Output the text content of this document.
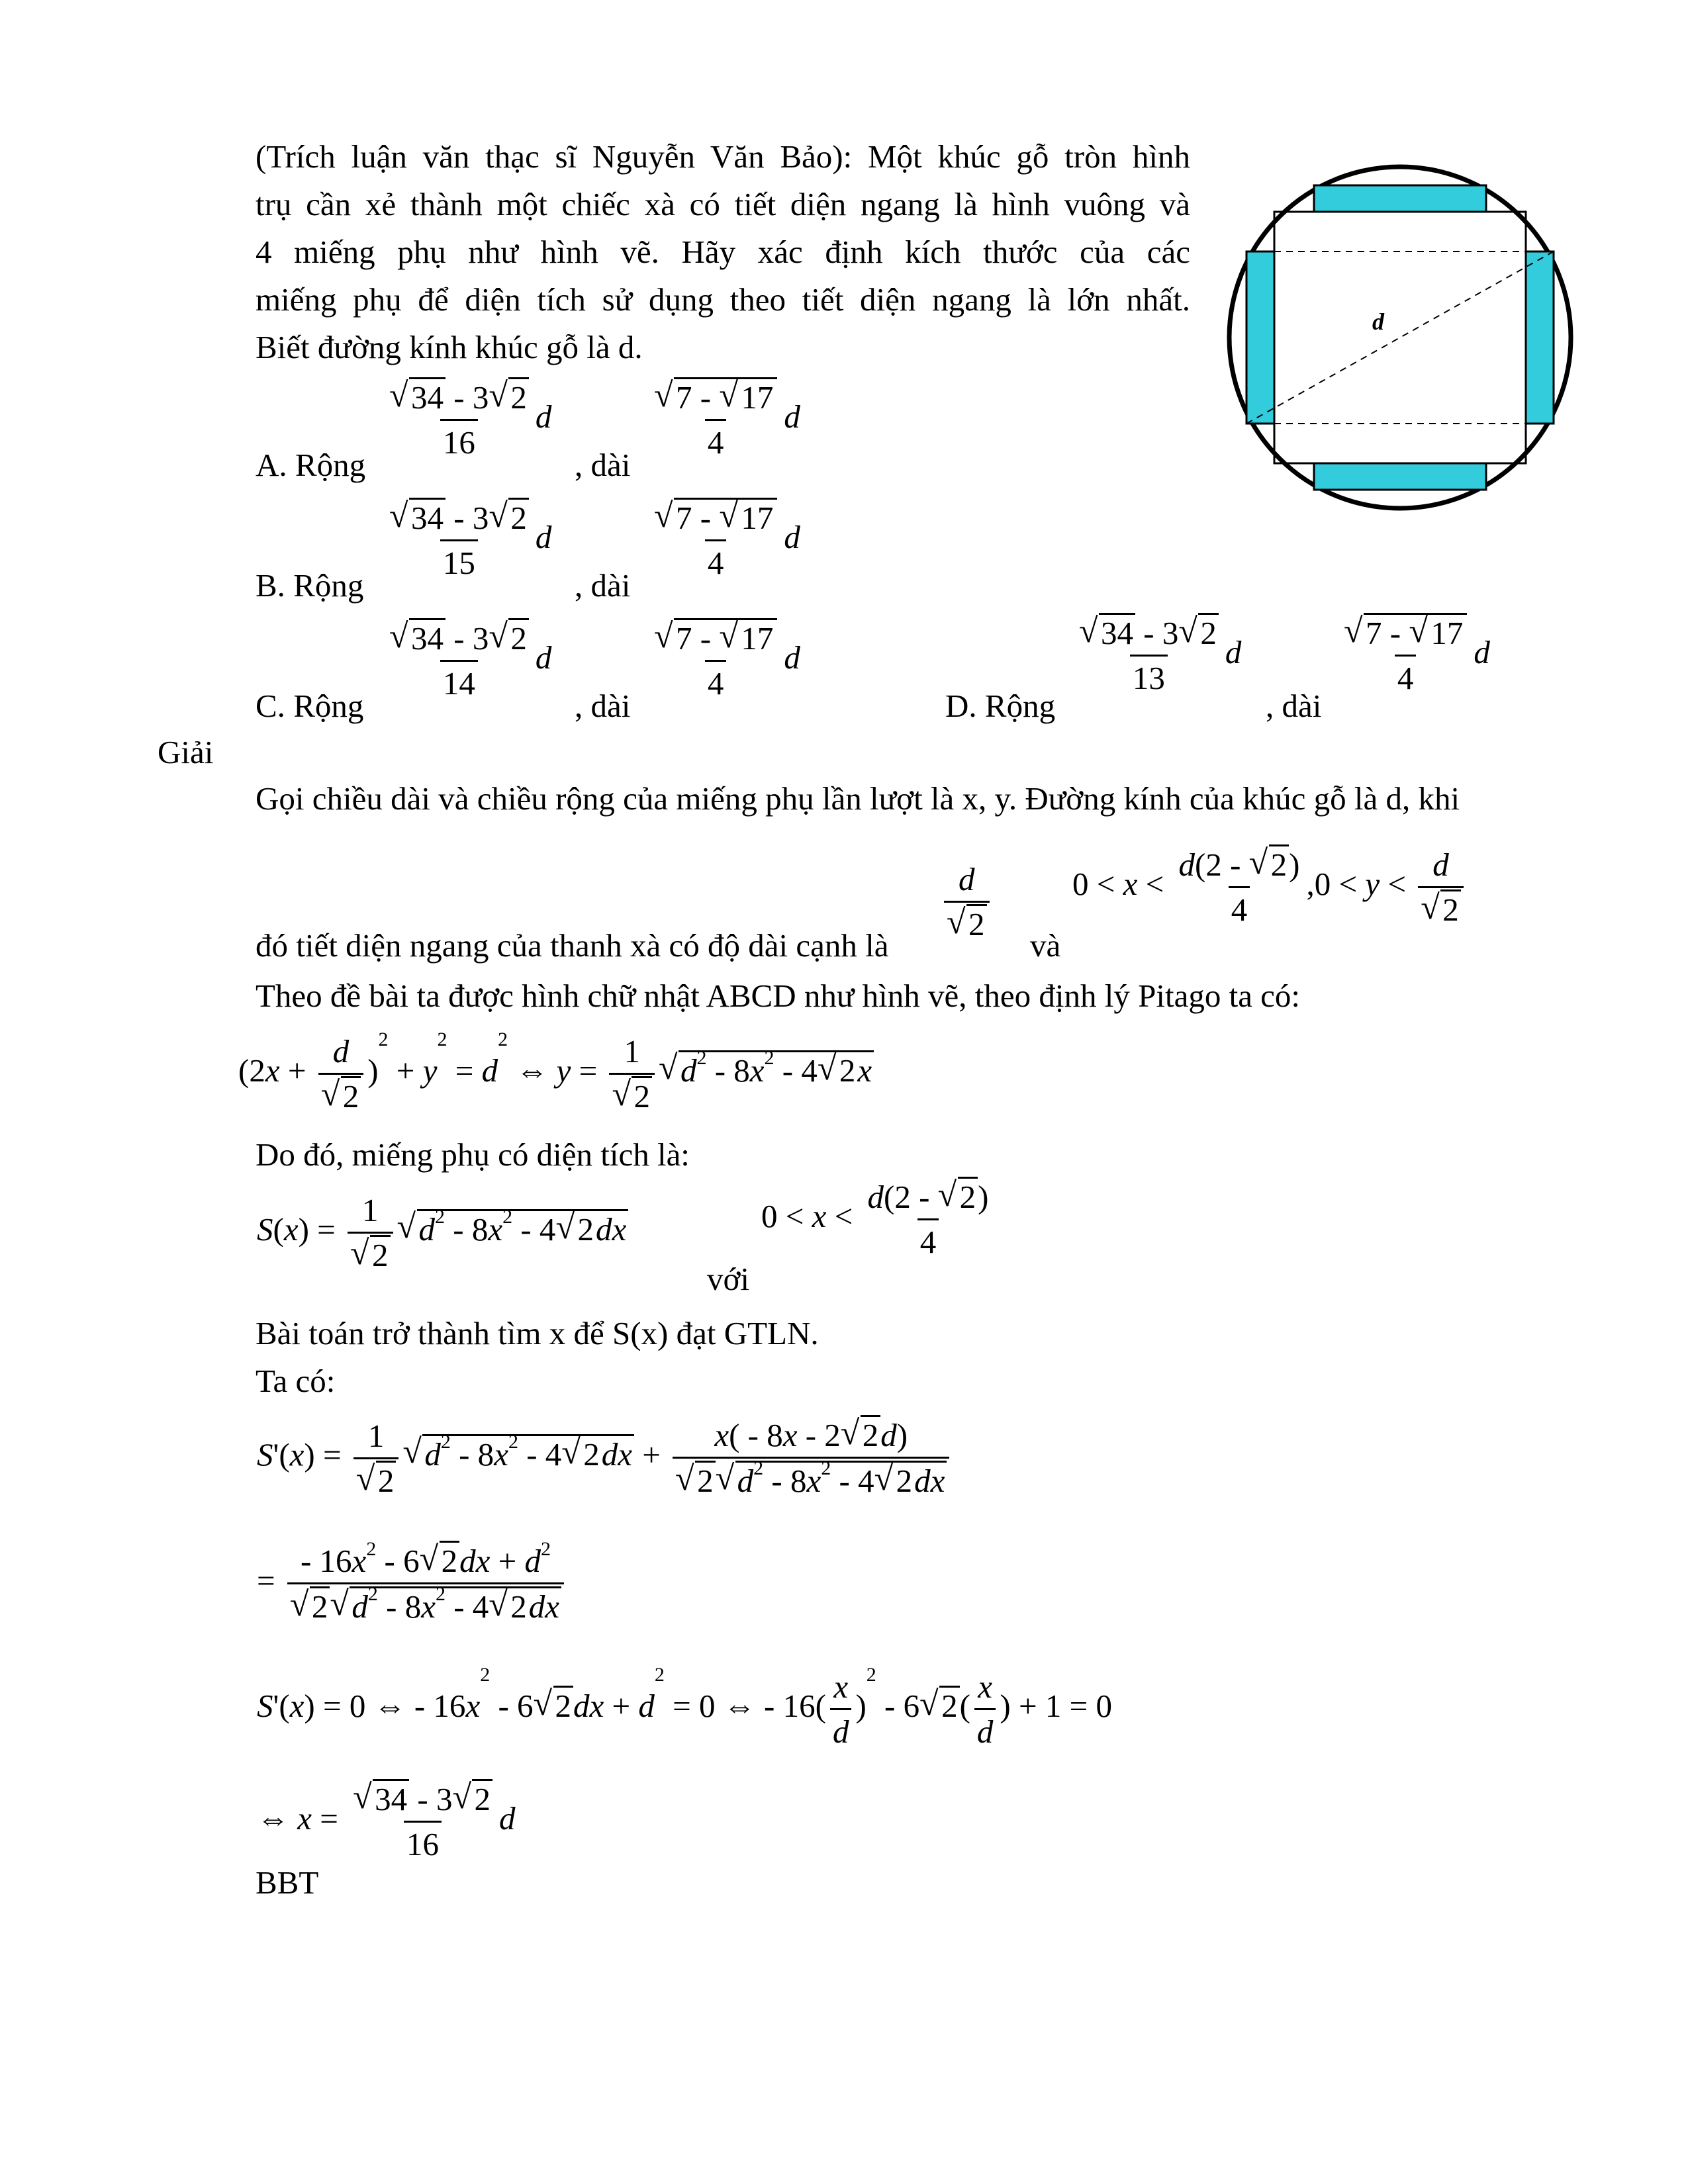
(Trích luận văn thạc sĩ Nguyễn Văn Bảo): Một khúc gỗ tròn hình
trụ cần xẻ thành một chiếc xà có tiết diện ngang là hình vuông và
4 miếng phụ như hình vẽ. Hãy xác định kích thước của các
miếng phụ để diện tích sử dụng theo tiết diện ngang là lớn nhất.
Biết đường kính khúc gỗ là d.
d
A. Rộng
√ $\frac{34 - 3√ 2}{16}$ d
, dài
√ $\frac{7 - √ 17}{4}$ d
B. Rộng
√ $\frac{34 - 3√ 2}{15}$ d
, dài
√ $\frac{7 - √ 17}{4}$ d
C. Rộng
√ $\frac{34 - 3√ 2}{14}$ d
, dài
√ $\frac{7 - √ 17}{4}$ d
D. Rộng
√ $\frac{34 - 3√ 2}{13}$ d
, dài
√ $\frac{7 - √ 17}{4}$ d
Giải
Gọi chiều dài và chiều rộng của miếng phụ lần lượt là x, y. Đường kính của khúc gỗ là d, khi
d
√ 2	$0 < x < \frac{d(2 - √ 2)}{4} ,0 < y < d$
√ 2
đó tiết diện ngang của thanh xà có độ dài cạnh là	và
Theo đề bài ta được hình chữ nhật ABCD như hình vẽ, theo định lý Pitago ta có:
(2x + d
√ 2 )$^2 + y^2 = d^2$ ⇔ y = 1
√ 2
√ $d^2 - 8x^2 - 4√$ 2x
Do đó, miếng phụ có diện tích là:
S(x) = 1
√ 2
√ $d^2 - 8x^2 - 4√$ 2dx
với
$0 < x < \frac{d(2 - √ 2)}{4}$
Bài toán trở thành tìm x để S(x) đạt GTLN.
Ta có:
S'(x) = 1
√ 2
√ $d^2 - 8x^2 - 4√$ 2dx + x( - 8x - 2√ 2d)
√ 2√ $d^2 - 8x^2 - 4√$ 2dx
= - $16x^2 - 6√$ $2dx + d^2$
√ 2√ $d^2 - 8x^2 - 4√$ 2dx
S'(x) = 0 ⇔ - $16x^2 - 6√$ $2dx + d^2 = 0$ ⇔ - $16( \frac{x}{d} )^2 - 6√$ $2( \frac{x}{d}$ ) + 1 = 0
⇔ x =
√ $\frac{34 - 3√ 2}{16}$ d
BBT
